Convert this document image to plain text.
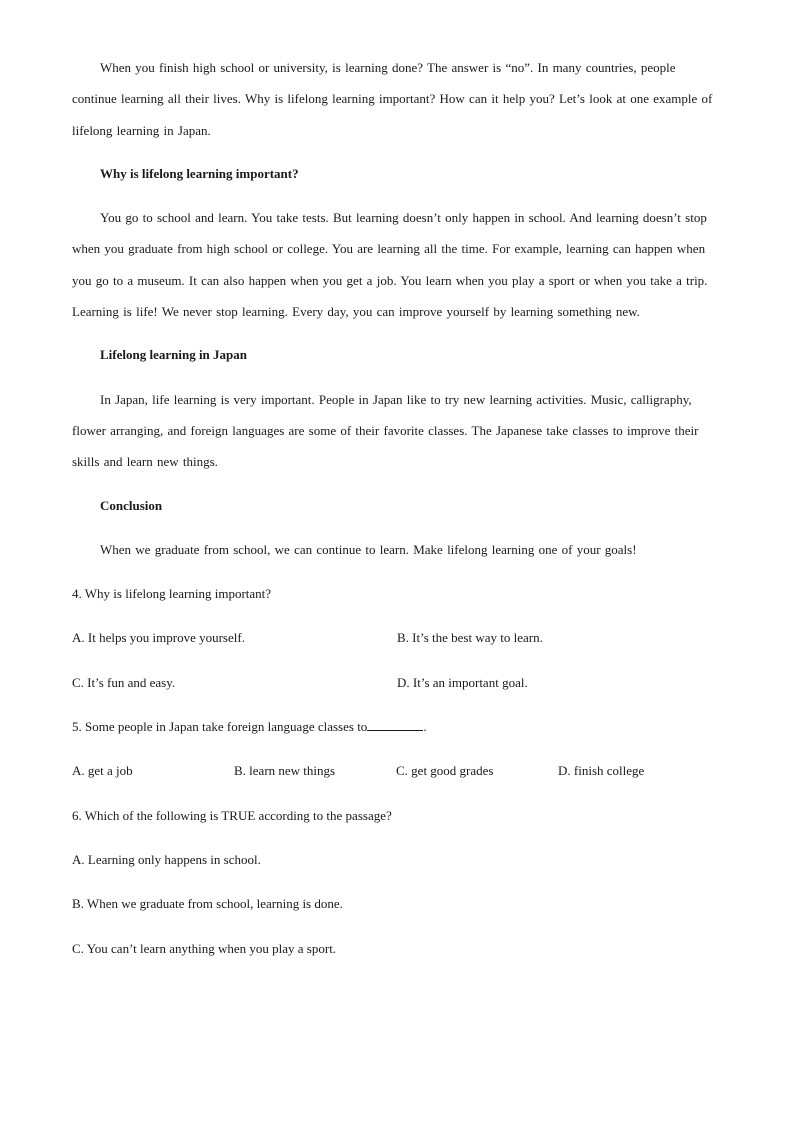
When you finish high school or university, is learning done? The answer is “no”. In many countries, people continue learning all their lives. Why is lifelong learning important? How can it help you? Let’s look at one example of lifelong learning in Japan.

Why is lifelong learning important?

You go to school and learn. You take tests. But learning doesn’t only happen in school. And learning doesn’t stop when you graduate from high school or college. You are learning all the time. For example, learning can happen when you go to a museum. It can also happen when you get a job. You learn when you play a sport or when you take a trip. Learning is life! We never stop learning. Every day, you can improve yourself by learning something new.

Lifelong learning in Japan

In Japan, life learning is very important. People in Japan like to try new learning activities. Music, calligraphy, flower arranging, and foreign languages are some of their favorite classes. The Japanese take classes to improve their skills and learn new things.

Conclusion

When we graduate from school, we can continue to learn. Make lifelong learning one of your goals!

4. Why is lifelong learning important?

A. It helps you improve yourself.	B. It’s the best way to learn.
C. It’s fun and easy.	D. It’s an important goal.

5. Some people in Japan take foreign language classes to	.

A. get a job	B. learn new things	C. get good grades	D. finish college

6. Which of the following is TRUE according to the passage?

A. Learning only happens in school.

B. When we graduate from school, learning is done.

C. You can’t learn anything when you play a sport.
